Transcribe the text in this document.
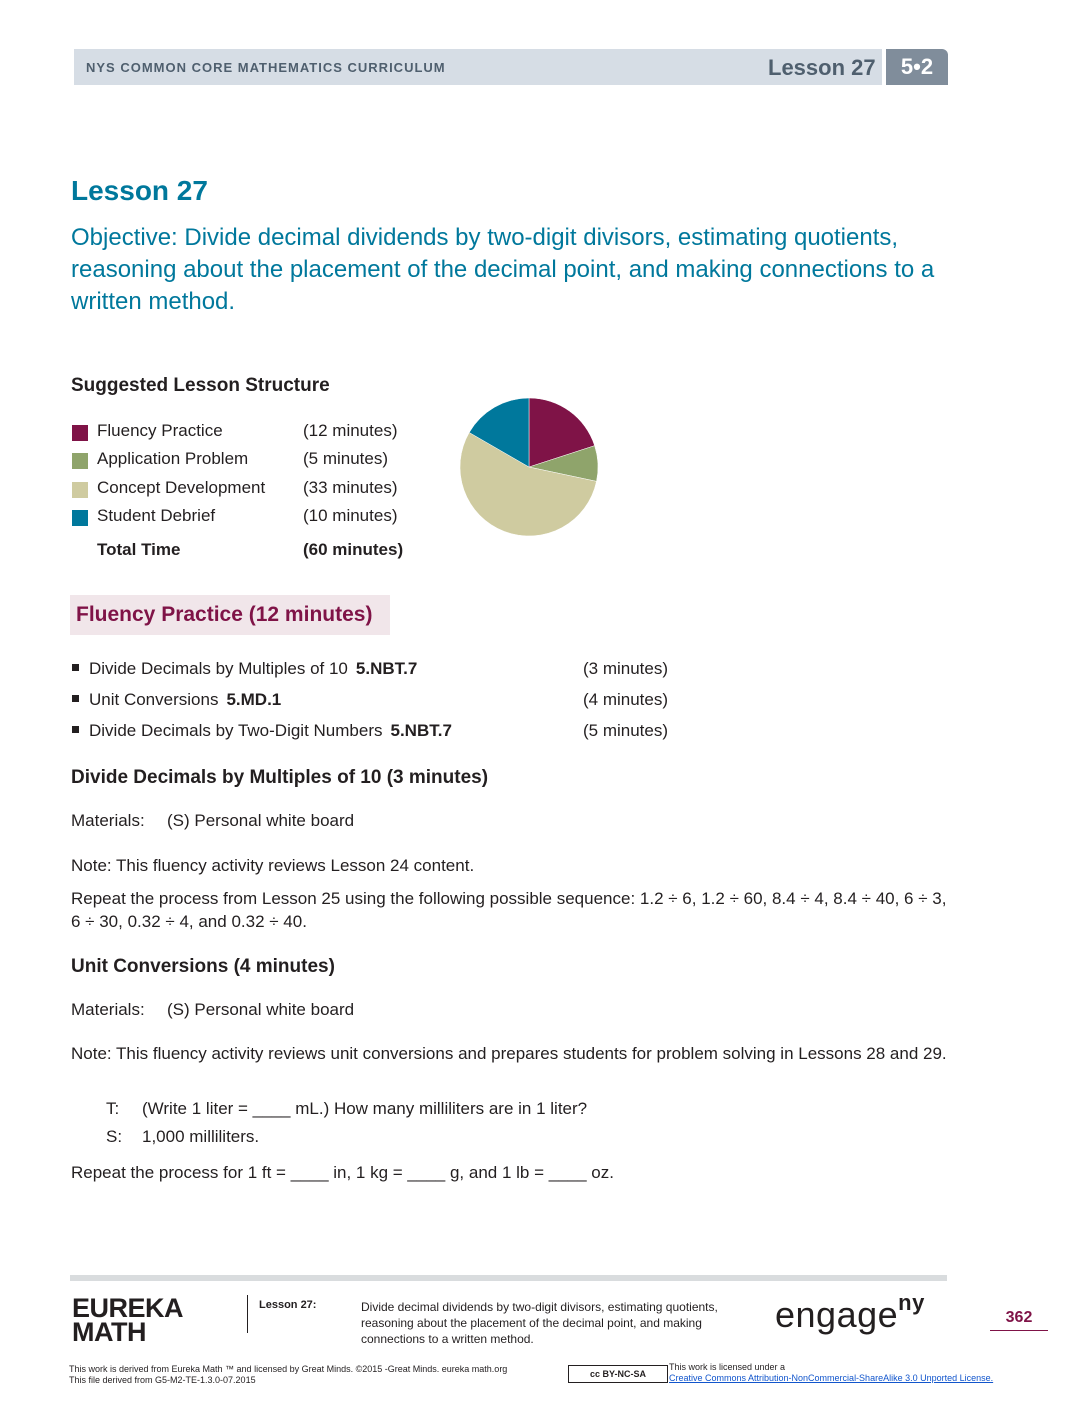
NYS COMMON CORE MATHEMATICS CURRICULUM	Lesson 27	5•2
Lesson 27
Objective: Divide decimal dividends by two-digit divisors, estimating quotients, reasoning about the placement of the decimal point, and making connections to a written method.
Suggested Lesson Structure
Fluency Practice	(12 minutes)
Application Problem	(5 minutes)
Concept Development (33 minutes)
Student Debrief	(10 minutes)
Total Time	(60 minutes)
Fluency Practice (12 minutes)
Divide Decimals by Multiples of 10 5.NBT.7	(3 minutes)
Unit Conversions 5.MD.1	(4 minutes)
Divide Decimals by Two-Digit Numbers 5.NBT.7	(5 minutes)
Divide Decimals by Multiples of 10 (3 minutes)
Materials: (S) Personal white board
Note: This fluency activity reviews Lesson 24 content.
Repeat the process from Lesson 25 using the following possible sequence: 1.2 ÷ 6, 1.2 ÷ 60, 8.4 ÷ 4, 8.4 ÷ 40, 6 ÷ 3, 6 ÷ 30, 0.32 ÷ 4, and 0.32 ÷ 40.
Unit Conversions (4 minutes)
Materials: (S) Personal white board
Note: This fluency activity reviews unit conversions and prepares students for problem solving in Lessons 28 and 29.
T: (Write 1 liter = ____ mL.) How many milliliters are in 1 liter?
S: 1,000 milliliters.
Repeat the process for 1 ft = ____ in, 1 kg = ____ g, and 1 lb = ____ oz.
EUREKA
MATH
Lesson 27:	Divide decimal dividends by two-digit divisors, estimating quotients, reasoning about the placement of the decimal point, and making connections to a written method.
engage$^{ny}$
362
This work is derived from Eureka Math ™ and licensed by Great Minds. ©2015 -Great Minds. eureka math.org
This file derived from G5-M2-TE-1.3.0-07.2015
cc BY-NC-SA
This work is licensed under a
Creative Commons Attribution-NonCommercial-ShareAlike 3.0 Unported License.
